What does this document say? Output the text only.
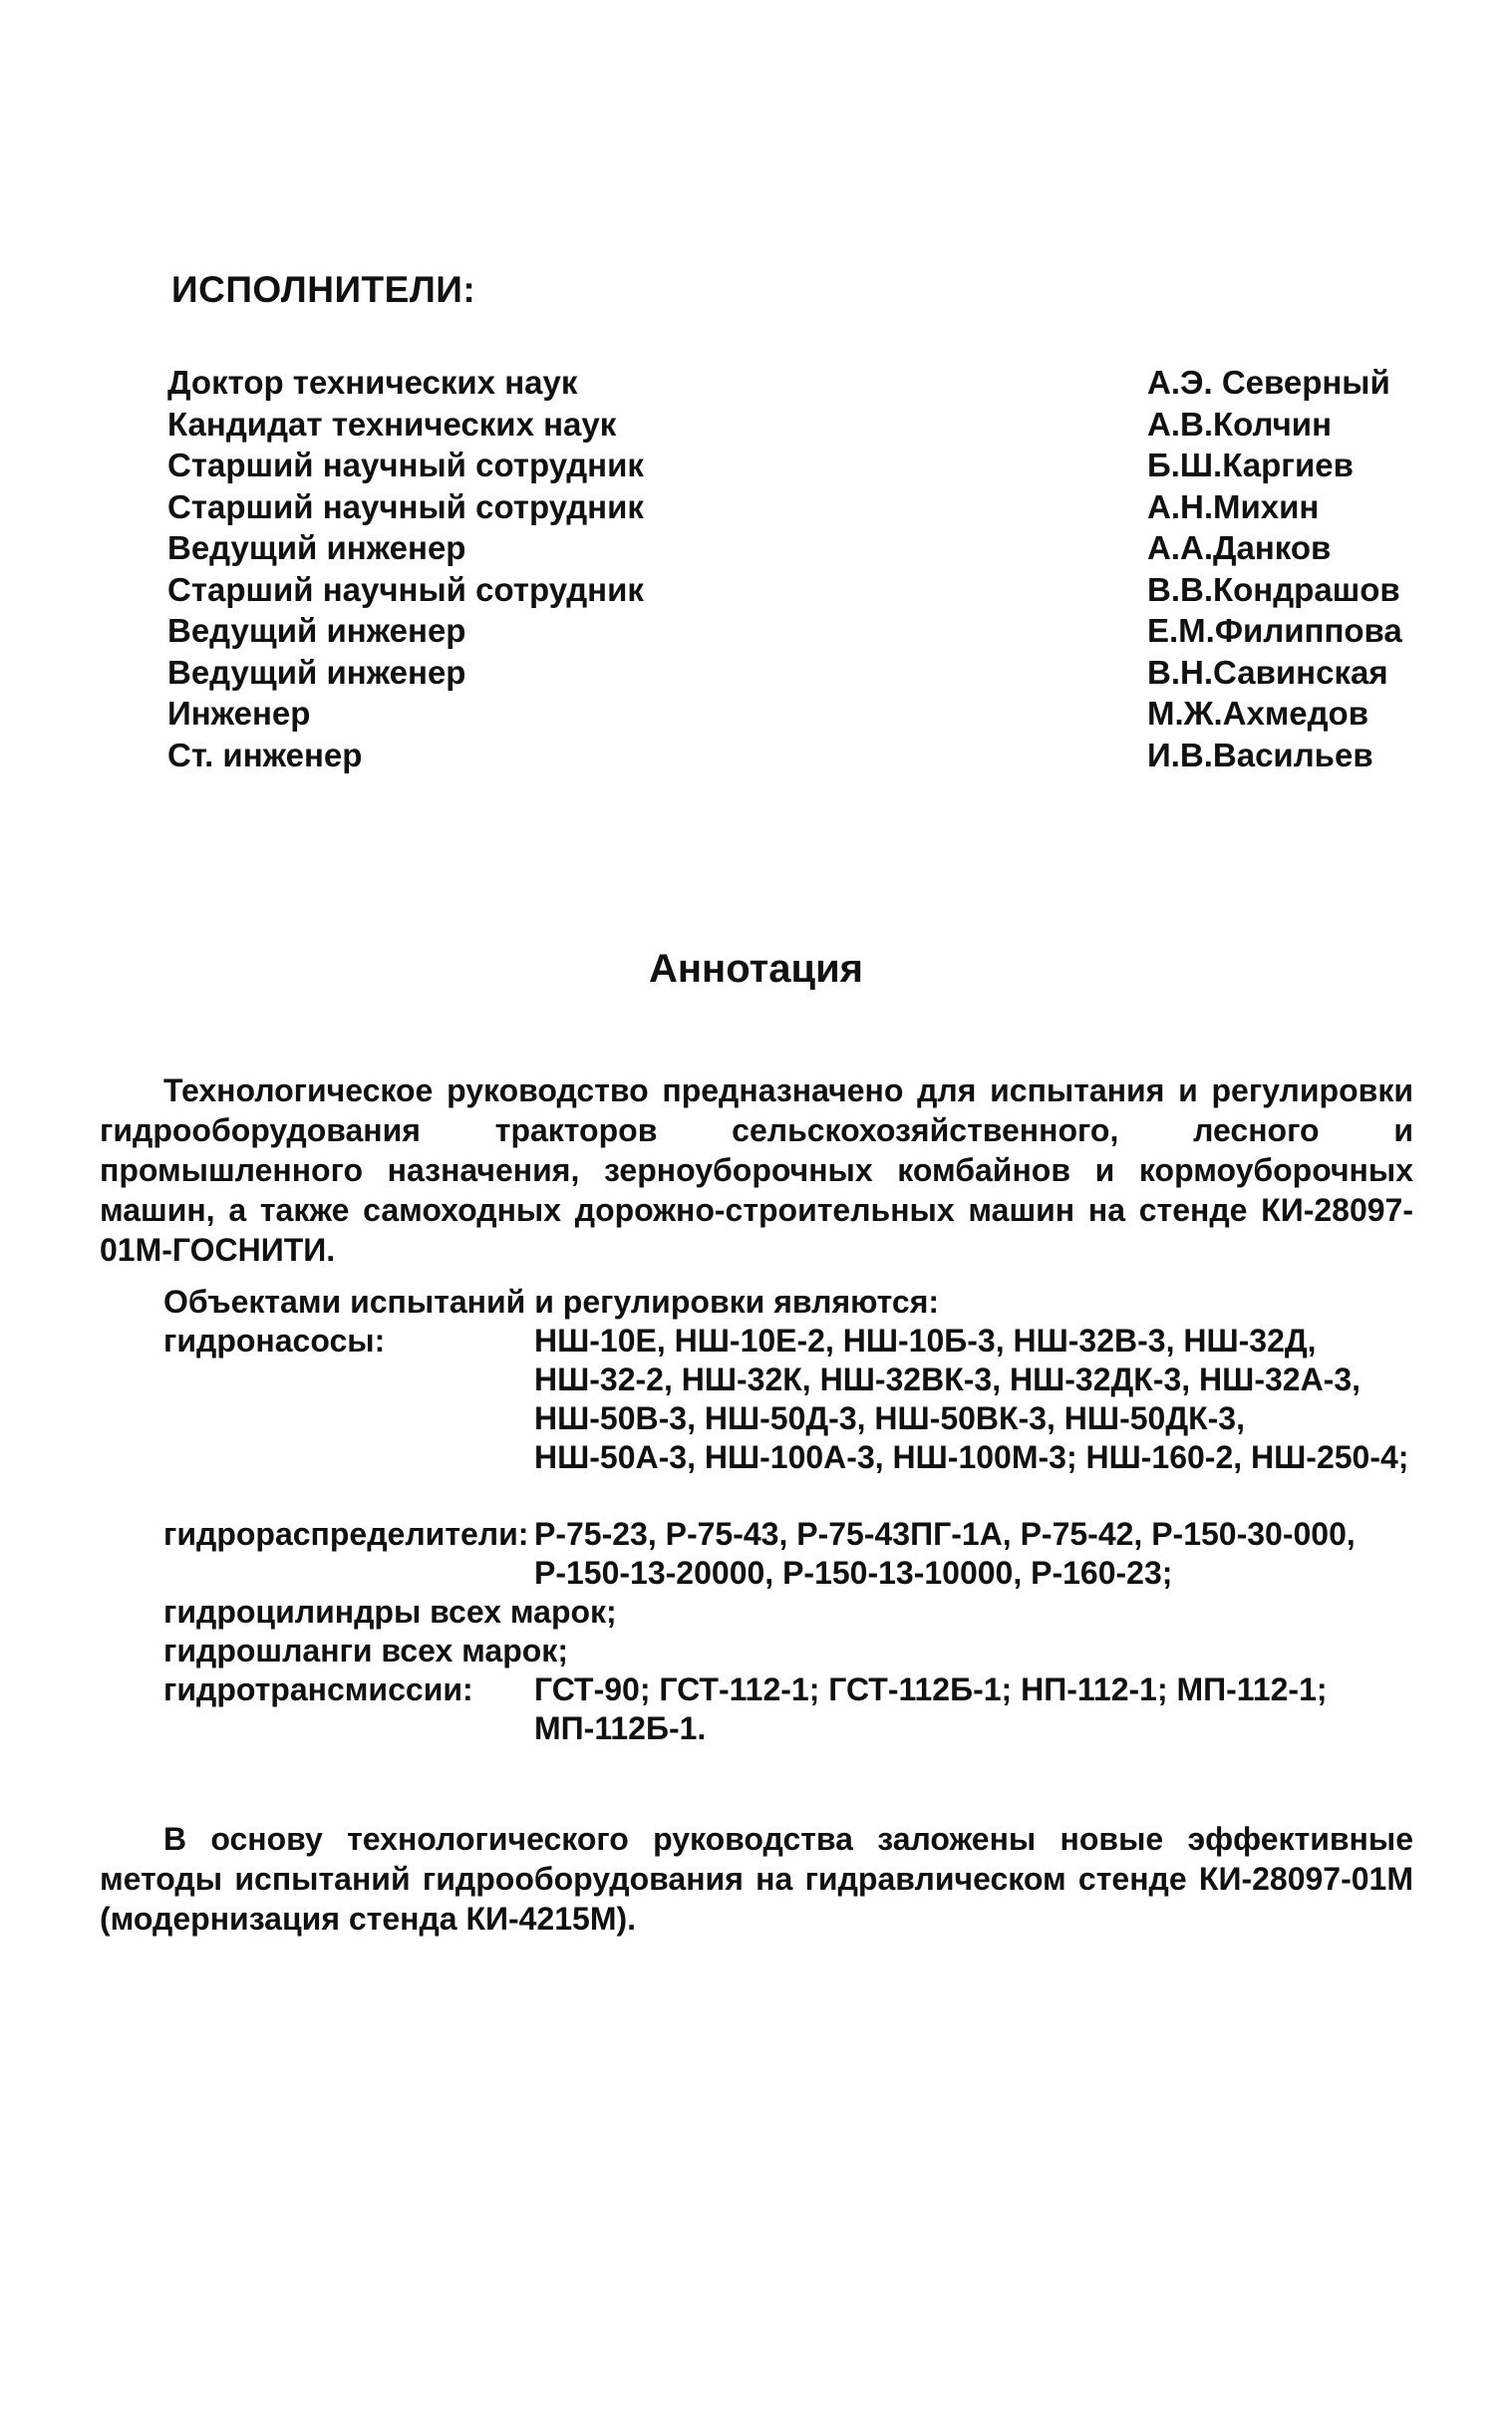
ИСПОЛНИТЕЛИ:
Доктор технических наук	А.Э. Северный
Кандидат технических наук	А.В.Колчин
Старший научный сотрудник	Б.Ш.Каргиев
Старший научный сотрудник	А.Н.Михин
Ведущий инженер	А.А.Данков
Старший научный сотрудник	В.В.Кондрашов
Ведущий инженер	Е.М.Филиппова
Ведущий инженер	В.Н.Савинская
Инженер	М.Ж.Ахмедов
Ст. инженер	И.В.Васильев
Аннотация
Технологическое руководство предназначено для испытания и регулировки гидрооборудования тракторов сельскохозяйственного, лесного и промышленного назначения, зерноуборочных комбайнов и кормоуборочных машин, а также самоходных дорожно-строительных машин на стенде КИ-28097-01М-ГОСНИТИ.
Объектами испытаний и регулировки являются:
гидронасосы:	НШ-10Е, НШ-10Е-2, НШ-10Б-3, НШ-32В-3, НШ-32Д, НШ-32-2, НШ-32К, НШ-32ВК-3, НШ-32ДК-3, НШ-32А-3, НШ-50В-3, НШ-50Д-3, НШ-50ВК-3, НШ-50ДК-3, НШ-50А-3, НШ-100А-3, НШ-100М-3; НШ-160-2, НШ-250-4;
гидрораспределители: Р-75-23, Р-75-43, Р-75-43ПГ-1А, Р-75-42, Р-150-30-000, Р-150-13-20000, Р-150-13-10000, Р-160-23;
гидроцилиндры всех марок;
гидрошланги всех марок;
гидротрансмиссии: ГСТ-90; ГСТ-112-1; ГСТ-112Б-1; НП-112-1; МП-112-1; МП-112Б-1.
В основу технологического руководства заложены новые эффективные методы испытаний гидрооборудования на гидравлическом стенде КИ-28097-01М (модернизация стенда КИ-4215М).
